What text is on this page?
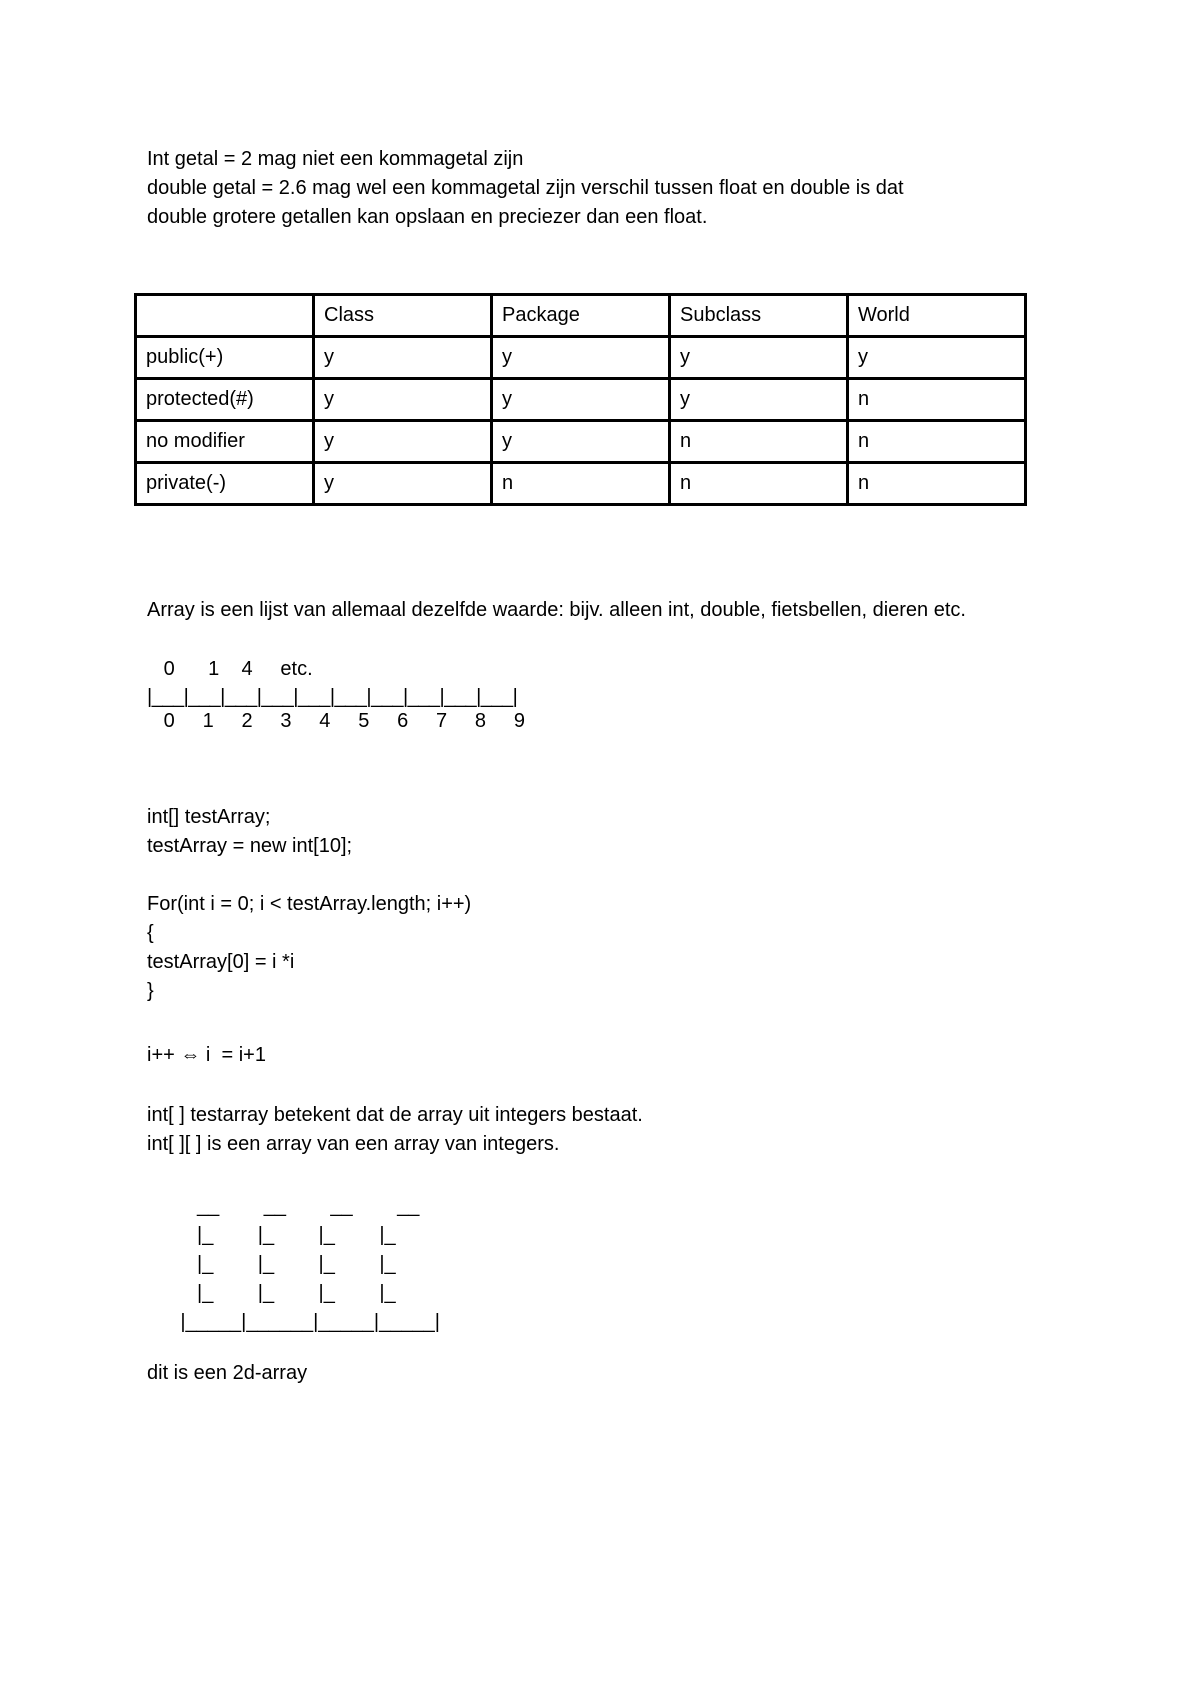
Int getal = 2 mag niet een kommagetal zijn
double getal = 2.6 mag wel een kommagetal zijn verschil tussen float en double is dat
double grotere getallen kan opslaan en preciezer dan een float.
	Class	Package	Subclass	World
public(+)	y	y	y	y
protected(#)	y	y	y	n
no modifier	y	y	n	n
private(-)	y	n	n	n
Array is een lijst van allemaal dezelfde waarde: bijv. alleen int, double, fietsbellen, dieren etc.
0      1    4     etc.
|___|___|___|___|___|___|___|___|___|___|
0     1     2     3     4     5     6     7     8     9
int[] testArray;
testArray = new int[10];
For(int i = 0; i < testArray.length; i++)
{
testArray[0] = i *i
}
i++ ⇔ i  = i+1
int[ ] testarray betekent dat de array uit integers bestaat.
int[ ][ ] is een array van een array van integers.
__        __        __        __
|_        |_        |_        |_
|_        |_        |_        |_
|_        |_        |_        |_
|_____|______|_____|_____|
dit is een 2d-array
